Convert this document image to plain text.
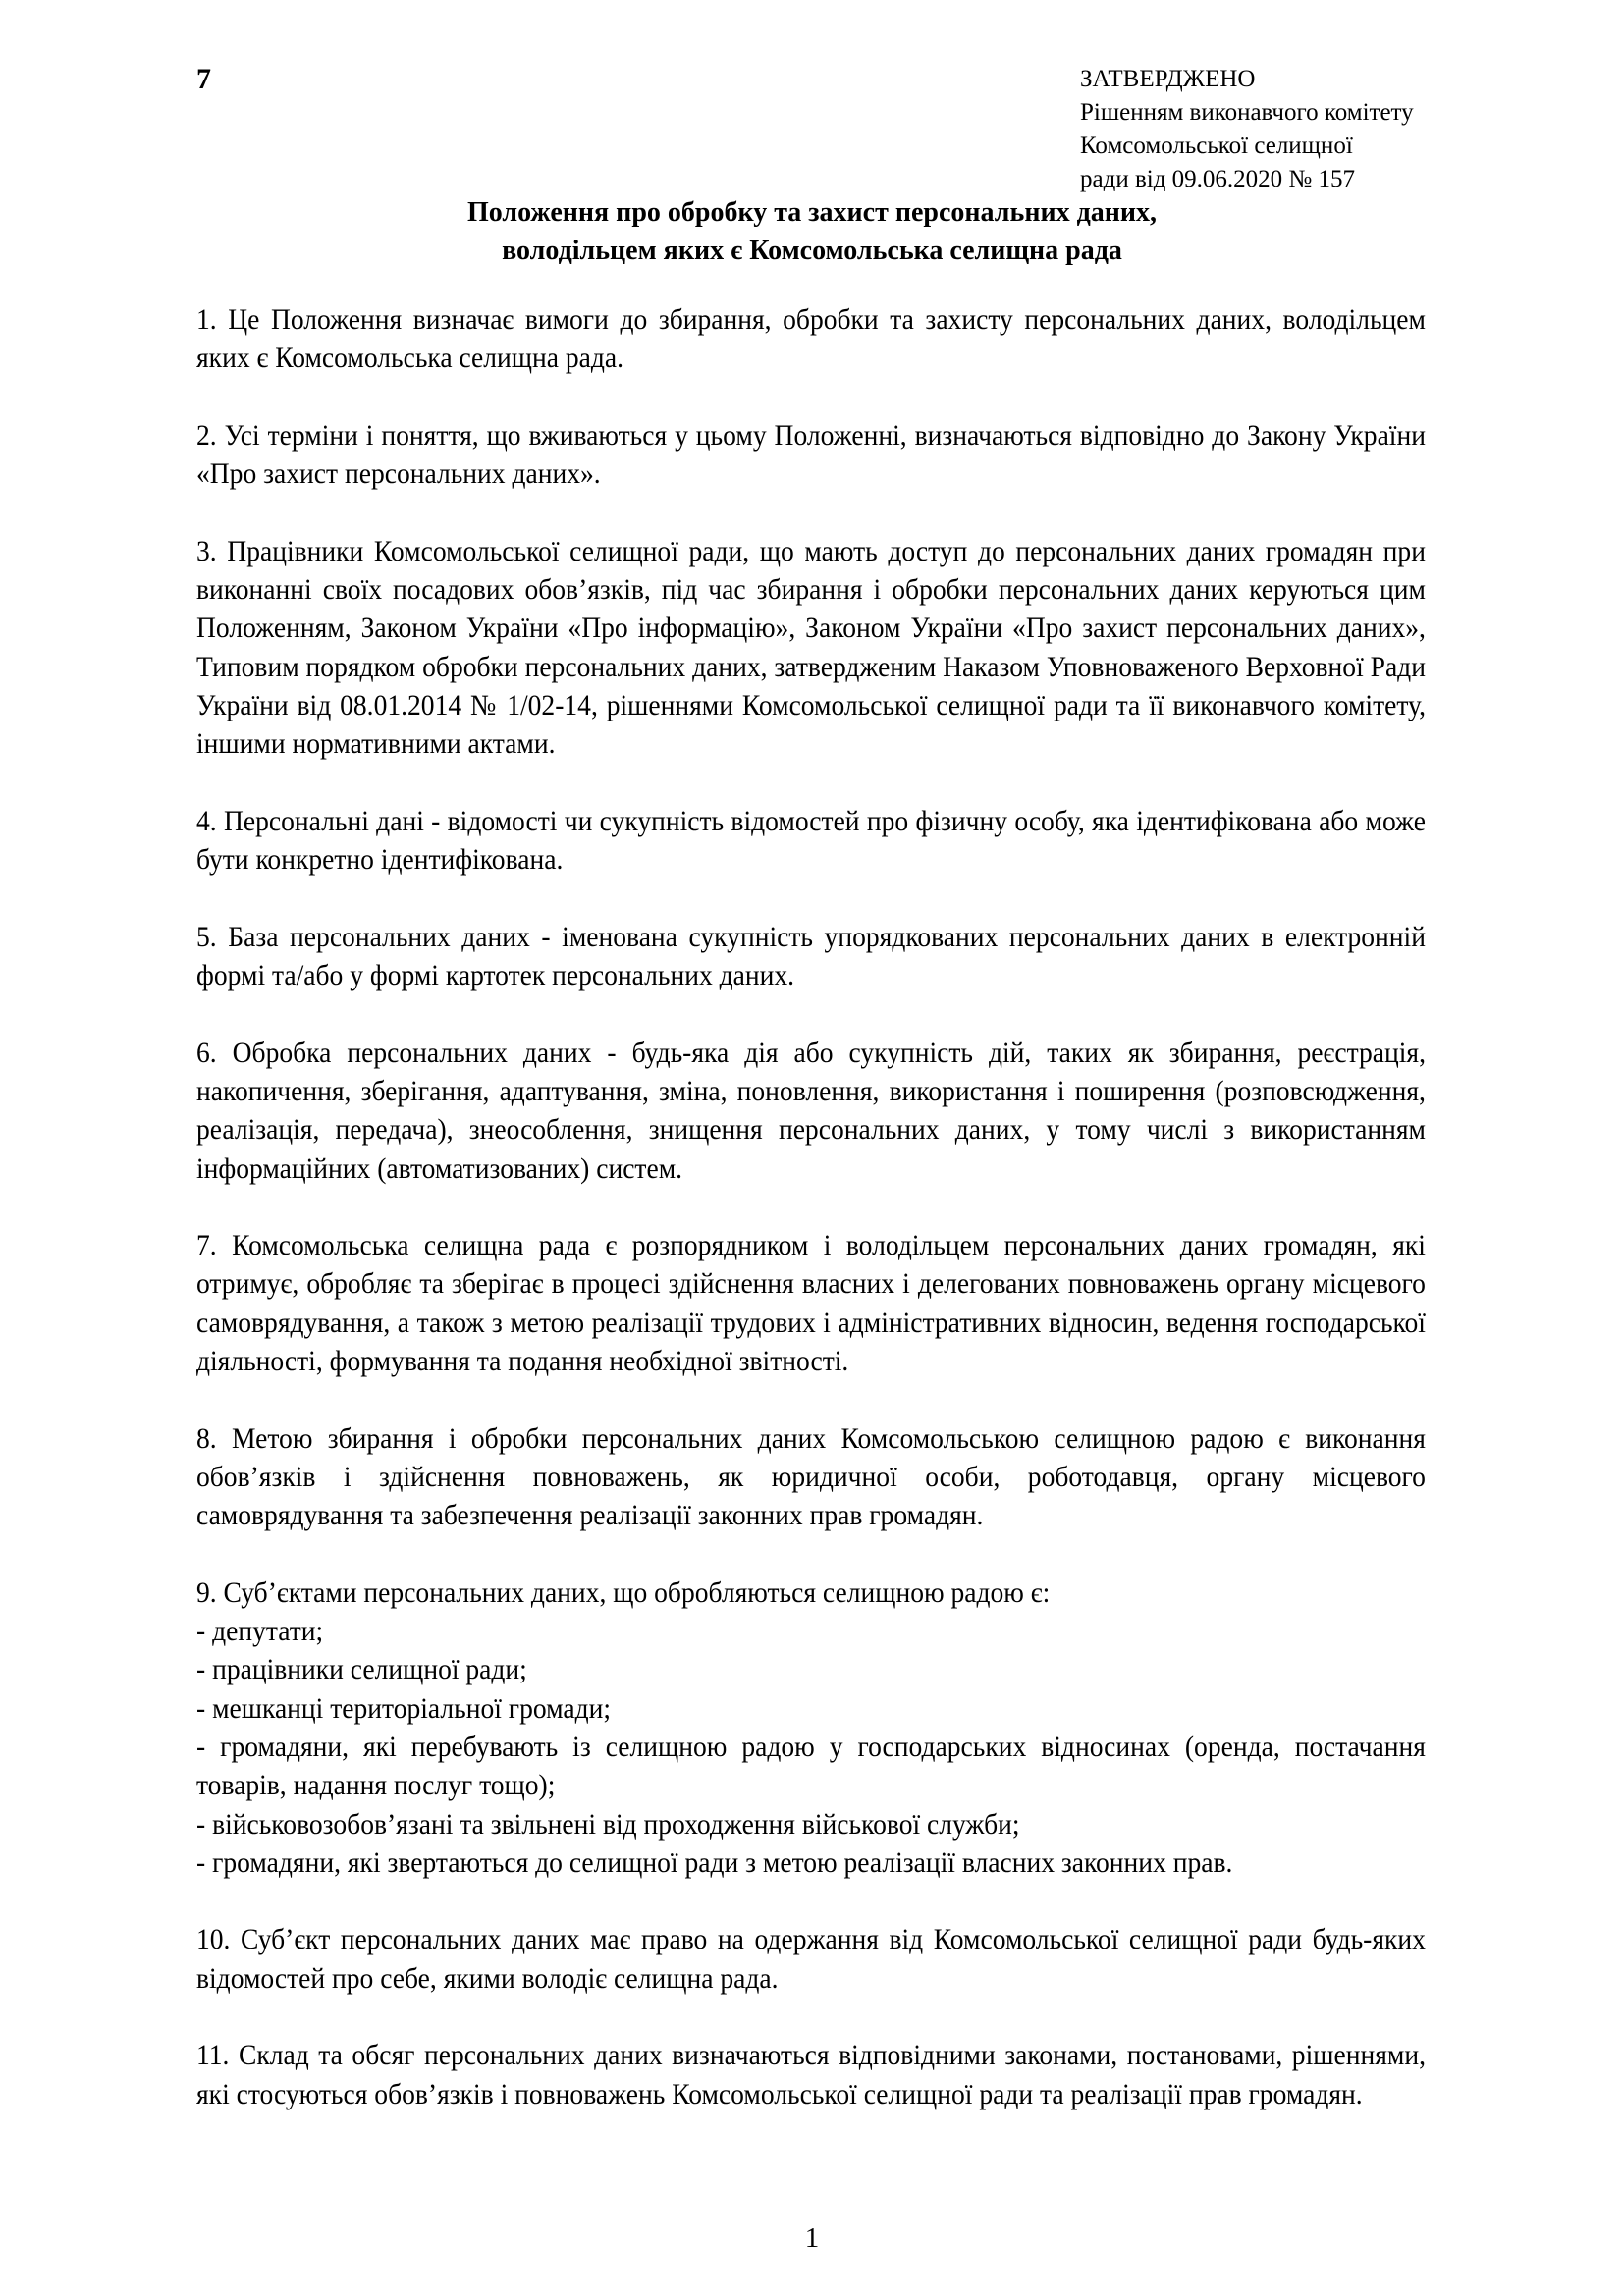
7	ЗАТВЕРДЖЕНО
Рішенням виконавчого комітету
Комсомольської селищної
ради від 09.06.2020 № 157
Положення про обробку та захист персональних даних,
володільцем яких є Комсомольська селищна рада

1. Це Положення визначає вимоги до збирання, обробки та захисту персональних даних, володільцем яких є Комсомольська селищна рада.

2. Усі терміни і поняття, що вживаються у цьому Положенні, визначаються відповідно до Закону України «Про захист персональних даних».

3. Працівники Комсомольської селищної ради, що мають доступ до персональних даних громадян при виконанні своїх посадових обов’язків, під час збирання і обробки персональних даних керуються цим Положенням, Законом України «Про інформацію», Законом України «Про захист персональних даних», Типовим порядком обробки персональних даних, затвердженим Наказом Уповноваженого Верховної Ради України від 08.01.2014 № 1/02-14, рішеннями Комсомольської селищної ради та її виконавчого комітету, іншими нормативними актами.

4. Персональні дані - відомості чи сукупність відомостей про фізичну особу, яка ідентифікована або може бути конкретно ідентифікована.

5. База персональних даних - іменована сукупність упорядкованих персональних даних в електронній формі та/або у формі картотек персональних даних.

6. Обробка персональних даних - будь-яка дія або сукупність дій, таких як збирання, реєстрація, накопичення, зберігання, адаптування, зміна, поновлення, використання і поширення (розповсюдження, реалізація, передача), знеособлення, знищення персональних даних, у тому числі з використанням інформаційних (автоматизованих) систем.

7. Комсомольська селищна рада є розпорядником і володільцем персональних даних громадян, які отримує, обробляє та зберігає в процесі здійснення власних і делегованих повноважень органу місцевого самоврядування, а також з метою реалізації трудових і адміністративних відносин, ведення господарської діяльності, формування та подання необхідної звітності.

8. Метою збирання і обробки персональних даних Комсомольською селищною радою є виконання обов’язків і здійснення повноважень, як юридичної особи, роботодавця, органу місцевого самоврядування та забезпечення реалізації законних прав громадян.

9. Суб’єктами персональних даних, що обробляються селищною радою є:

- депутати;
- працівники селищної ради;
- мешканці територіальної громади;
- громадяни, які перебувають із селищною радою у господарських відносинах (оренда, постачання товарів, надання послуг тощо);
- військовозобов’язані та звільнені від проходження військової служби;
- громадяни, які звертаються до селищної ради з метою реалізації власних законних прав.

10. Суб’єкт персональних даних має право на одержання від Комсомольської селищної ради будь-яких відомостей про себе, якими володіє селищна рада.

11. Склад та обсяг персональних даних визначаються відповідними законами, постановами, рішеннями, які стосуються обов’язків і повноважень Комсомольської селищної ради та реалізації прав громадян.

1
